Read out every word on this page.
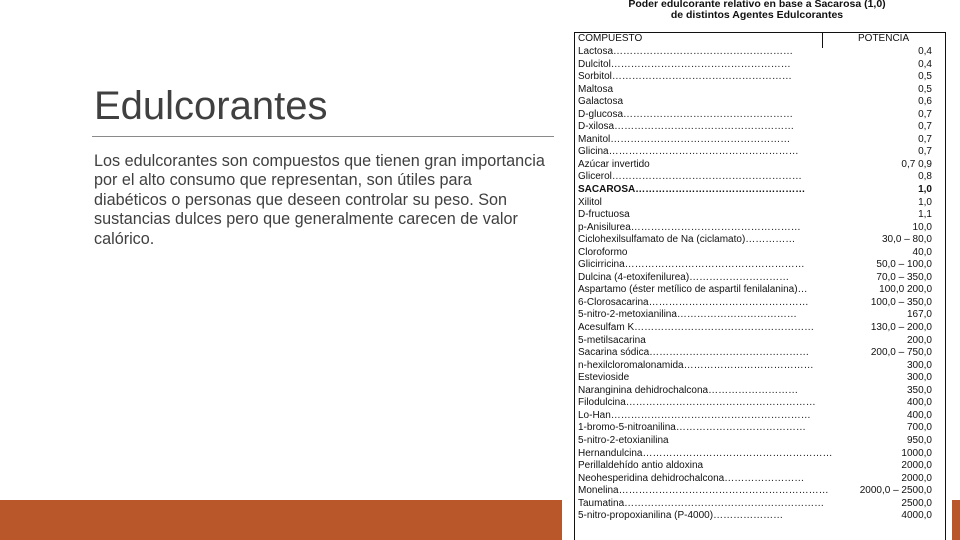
Edulcorantes
Los edulcorantes son compuestos que tienen gran importancia por el alto consumo que representan, son útiles para diabéticos o personas que deseen controlar su peso. Son sustancias dulces pero que generalmente carecen de valor calórico.
Poder edulcorante relativo en base a Sacarosa (1,0)
de distintos Agentes Edulcorantes
COMPUESTO	POTENCIA
Lactosa………………………………………………	0,4
Dulcitol………………………………………………	0,4
Sorbitol………………………………………………	0,5
Maltosa	0,5
Galactosa	0,6
D-glucosa……………………………………………	0,7
D-xilosa………………………………………………	0,7
Manitol………………………………………………	0,7
Glicina…………………………………………………	0,7
Azúcar invertido	0,7 0,9
Glicerol…………………………………………………	0,8
SACAROSA……………………………………………	1,0
Xilitol	1,0
D-fructuosa	1,1
p-Anisilurea……………………………………………	10,0
Ciclohexilsulfamato de Na (ciclamato)……………	30,0 – 80,0
Cloroformo	40,0
Glicirricina………………………………………………	50,0 – 100,0
Dulcina (4-etoxifenilurea)…………………………	70,0 – 350,0
Aspartamo (éster metílico de aspartil fenilalanina)…	100,0 200,0
6-Clorosacarina…………………………………………	100,0 – 350,0
5-nitro-2-metoxianilina………………………………	167,0
Acesulfam K………………………………………………	130,0 – 200,0
5-metilsacarina	200,0
Sacarina sódica…………………………………………	200,0 – 750,0
n-hexilcloromalonamida…………………………………	300,0
Estevioside	300,0
Naranginina dehidrochalcona………………………	350,0
Filodulcina…………………………………………………	400,0
Lo-Han……………………………………………………	400,0
1-bromo-5-nitroanilina…………………………………	700,0
5-nitro-2-etoxianilina	950,0
Hernandulcina…………………………………………………	1000,0
Perillaldehído antio aldoxina	2000,0
Neohesperidina dehidrochalcona……………………	2000,0
Monelina………………………………………………………	2000,0 – 2500,0
Taumatina……………………………………………………	2500,0
5-nitro-propoxianilina (P-4000)…………………	4000,0
